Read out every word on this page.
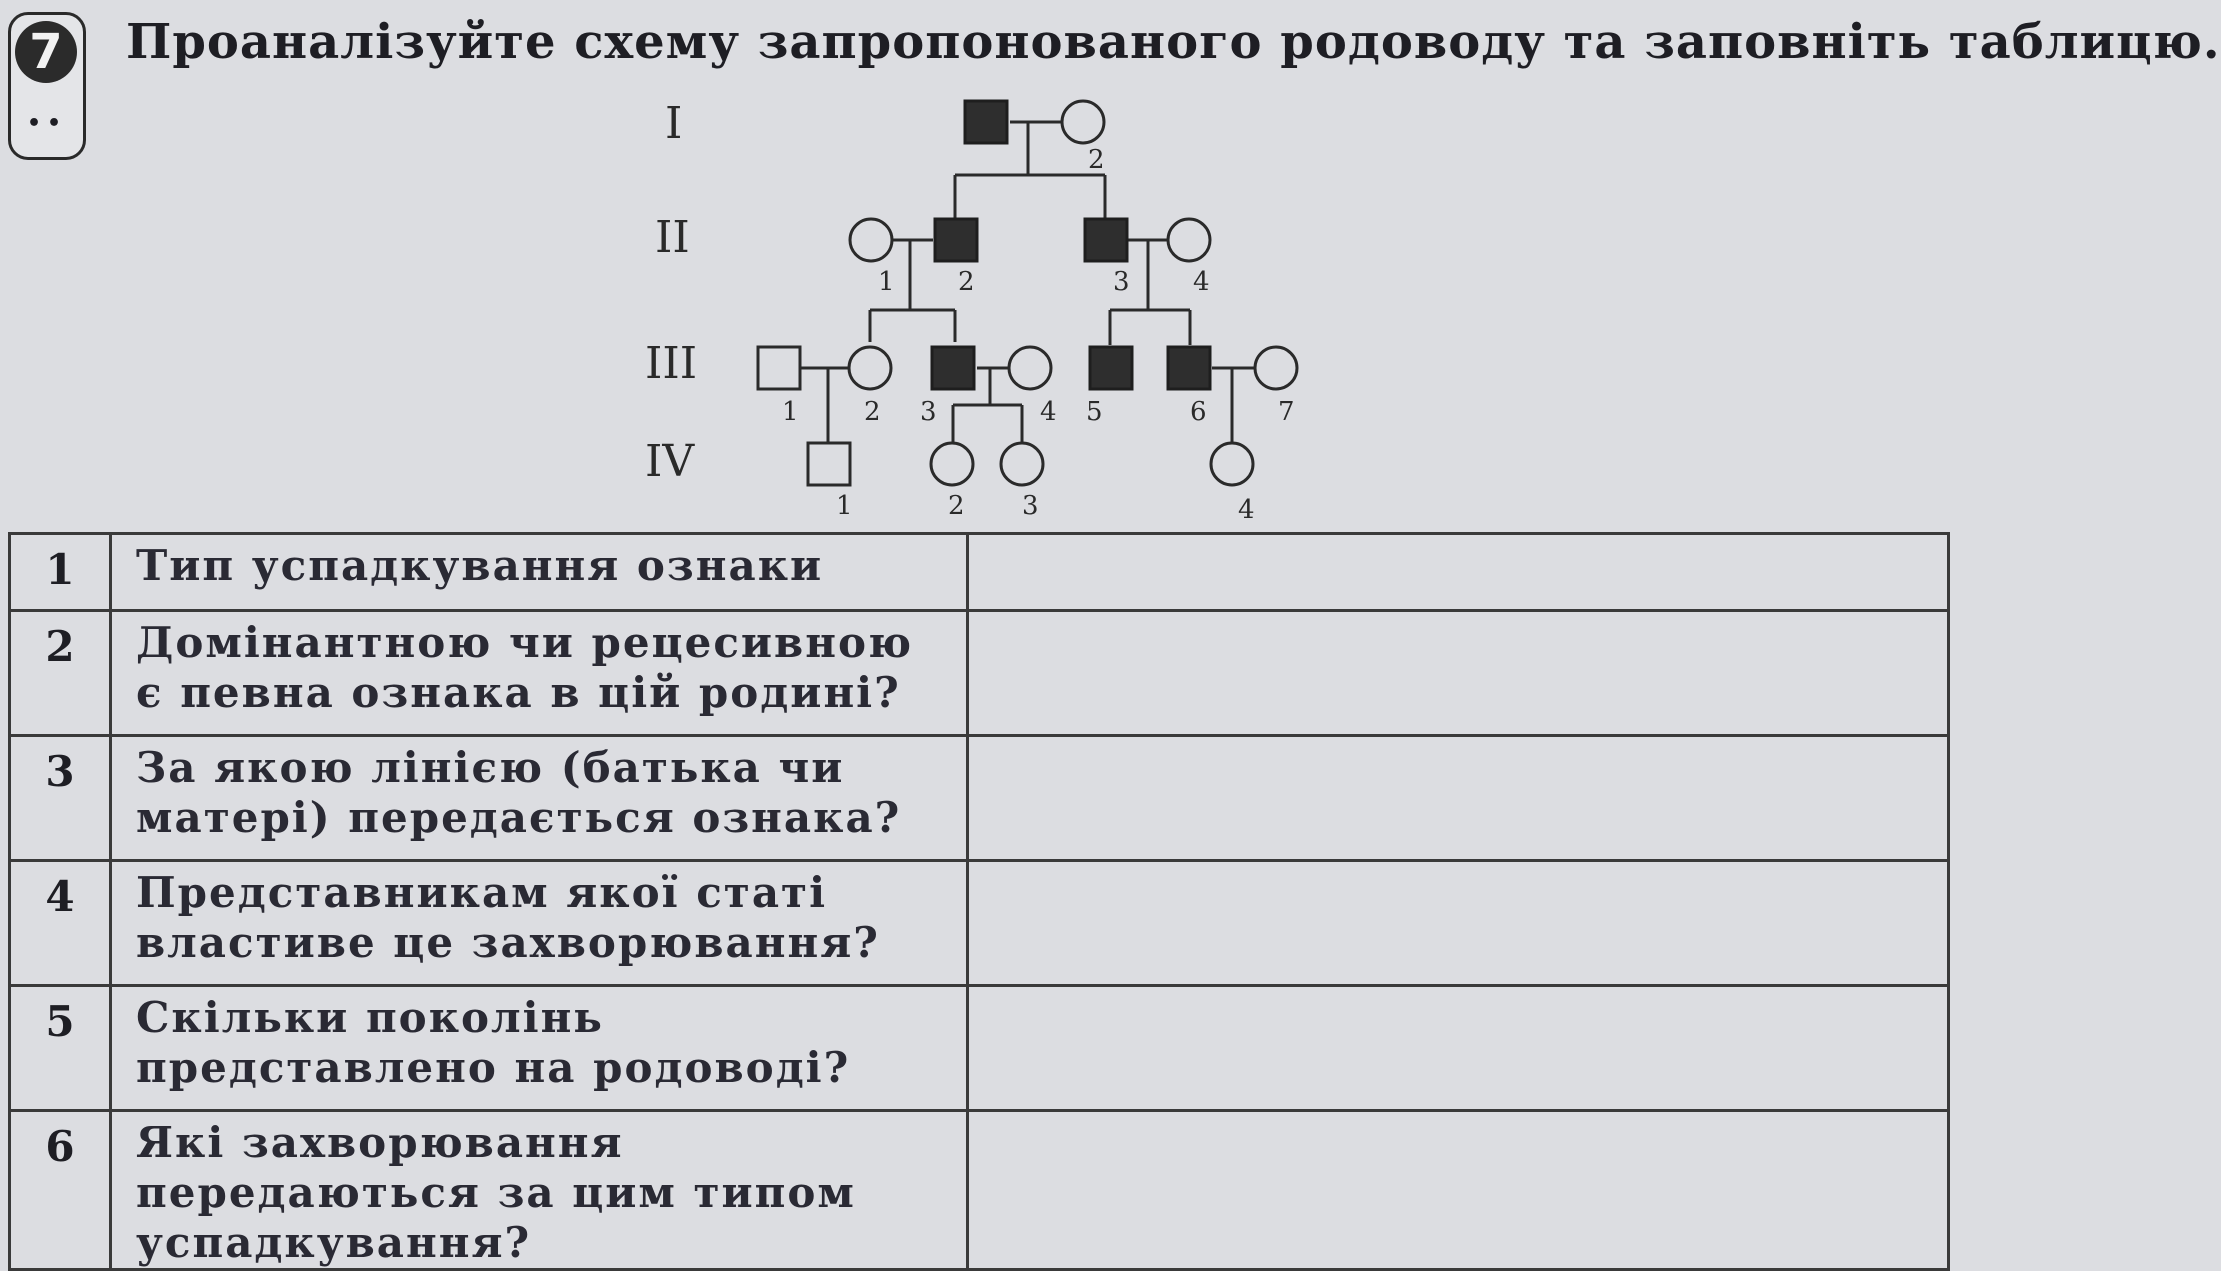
7
••
Проаналізуйте схему запропонованого родоводу та заповніть таблицю.
I
II
III
IV
2
1 2	3 4
1	2 3	4 5	6	7
1	2 3	4
1	Тип успадкування ознаки	
2	Домінантною чи рецесивною є певна ознака в цій родині?	
3	За якою лінією (батька чи матері) передається ознака?	
4	Представникам якої статі властиве це захворювання?	
5	Скільки поколінь представлено на родоводі?	
6	Які захворювання передаються за цим типом успадкування?	
